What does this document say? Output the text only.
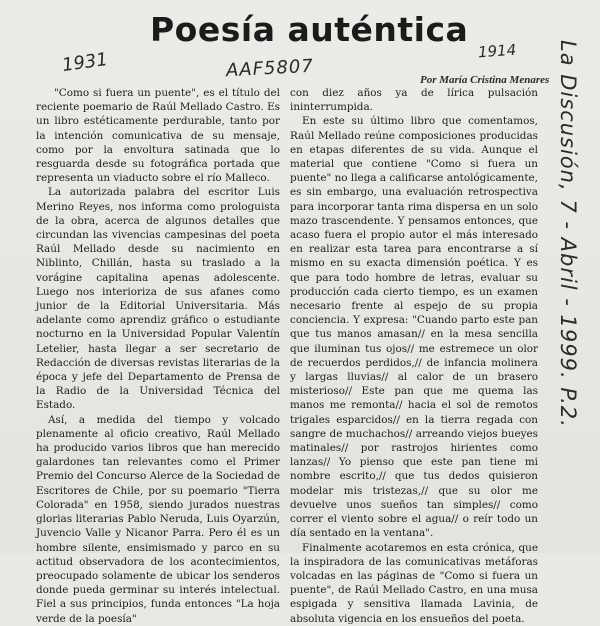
Poesía auténtica
Por María Cristina Menares
1931	AAF5807
1914 La Discusión, 7 - Abril - 1999. P.2.

"Como si fuera un puente", es el título del reciente poemario de Raúl Mellado Castro. Es un libro estéticamente perdurable, tanto por la intención comunicativa de su mensaje, como por la envoltura satinada que lo resguarda desde su fotográfica portada que representa un viaducto sobre el río Malleco.

La autorizada palabra del escritor Luis Merino Reyes, nos informa como prologuista de la obra, acerca de algunos detalles que circundan las vivencias campesinas del poeta Raúl Mellado desde su nacimiento en Niblinto, Chillán, hasta su traslado a la vorágine capitalina apenas adolescente. Luego nos interioriza de sus afanes como junior de la Editorial Universitaria. Más adelante como aprendiz gráfico o estudiante nocturno en la Universidad Popular Valentín Letelier, hasta llegar a ser secretario de Redacción de diversas revistas literarias de la época y jefe del Departamento de Prensa de la Radio de la Universidad Técnica del Estado.

Así, a medida del tiempo y volcado plenamente al oficio creativo, Raúl Mellado ha producido varios libros que han merecido galardones tan relevantes como el Primer Premio del Concurso Alerce de la Sociedad de Escritores de Chile, por su poemario "Tierra Colorada" en 1958, siendo jurados nuestras glorias literarias Pablo Neruda, Luis Oyarzún, Juvencio Valle y Nicanor Parra. Pero él es un hombre silente, ensimismado y parco en su actitud observadora de los acontecimientos, preocupado solamente de ubicar los senderos donde pueda germinar su interés intelectual. Fiel a sus principios, funda entonces "La hoja verde de la poesía"

con diez años ya de lírica pulsación ininterrumpida.

En este su último libro que comentamos, Raúl Mellado reúne composiciones producidas en etapas diferentes de su vida. Aunque el material que contiene "Como si fuera un puente" no llega a calificarse antológicamente, es sin embargo, una evaluación retrospectiva para incorporar tanta rima dispersa en un solo mazo trascendente. Y pensamos entonces, que acaso fuera el propio autor el más interesado en realizar esta tarea para encontrarse a sí mismo en su exacta dimensión poética. Y es que para todo hombre de letras, evaluar su producción cada cierto tiempo, es un examen necesario frente al espejo de su propia conciencia. Y expresa: "Cuando parto este pan que tus manos amasan// en la mesa sencilla que iluminan tus ojos// me estremece un olor de recuerdos perdidos,// de infancia molinera y largas lluvias// al calor de un brasero misterioso// Este pan que me quema las manos me remonta// hacia el sol de remotos trigales esparcidos// en la tierra regada con sangre de muchachos// arreando viejos bueyes matinales// por rastrojos hirientes como lanzas// Yo pienso que este pan tiene mi nombre escrito,// que tus dedos quisieron modelar mis tristezas,// que su olor me devuelve unos sueños tan simples// como correr el viento sobre el agua// o reír todo un día sentado en la ventana".

Finalmente acotaremos en esta crónica, que la inspiradora de las comunicativas metáforas volcadas en las páginas de "Como si fuera un puente", de Raúl Mellado Castro, en una musa espigada y sensitiva llamada Lavinia, de absoluta vigencia en los ensueños del poeta.
